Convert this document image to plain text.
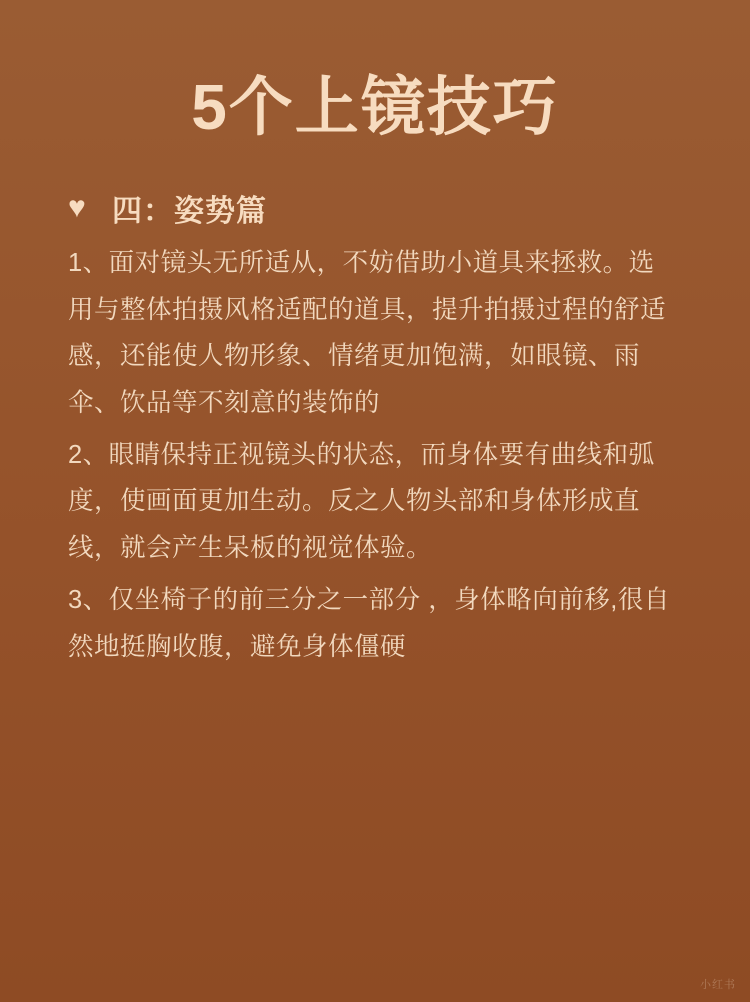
5个上镜技巧
♥ 四：姿势篇

1、面对镜头无所适从，不妨借助小道具来拯救。选用与整体拍摄风格适配的道具，提升拍摄过程的舒适感，还能使人物形象、情绪更加饱满，如眼镜、雨伞、饮品等不刻意的装饰的

2、眼睛保持正视镜头的状态，而身体要有曲线和弧度，使画面更加生动。反之人物头部和身体形成直线，就会产生呆板的视觉体验。

3、仅坐椅子的前三分之一部分 ，身体略向前移,很自然地挺胸收腹，避免身体僵硬

小红书
